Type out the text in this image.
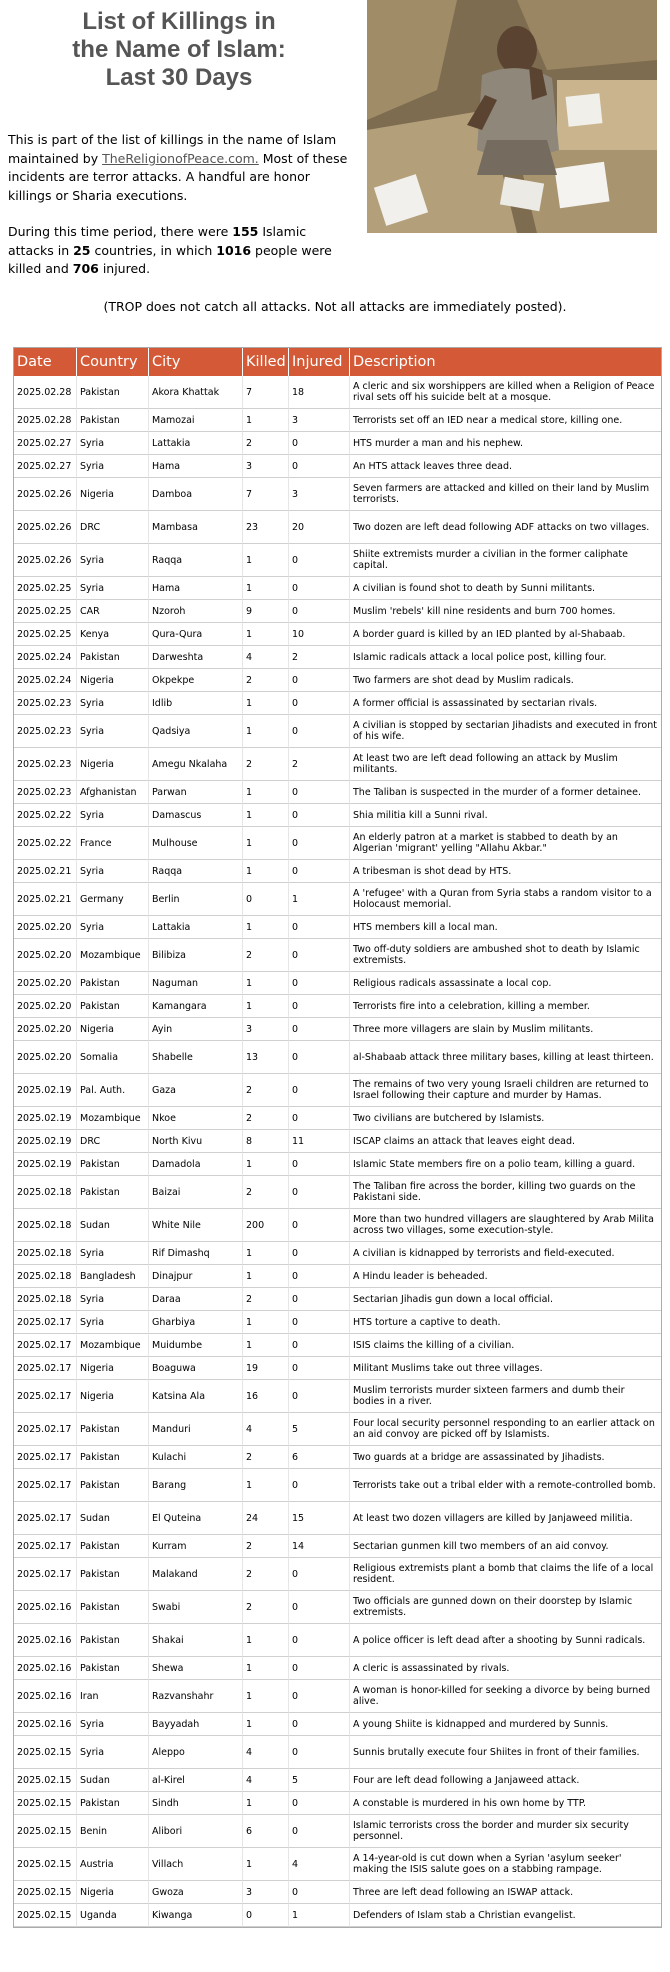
List of Killings in
the Name of Islam:
Last 30 Days
This is part of the list of killings in the name of Islam maintained by TheReligionofPeace.com. Most of these incidents are terror attacks. A handful are honor killings or Sharia executions.
During this time period, there were 155 Islamic attacks in 25 countries, in which 1016 people were killed and 706 injured.
(TROP does not catch all attacks. Not all attacks are immediately posted).
Date	Country	City	Killed	Injured	Description
2025.02.28	Pakistan	Akora Khattak	7	18	A cleric and six worshippers are killed when a Religion of Peace rival sets off his suicide belt at a mosque.
2025.02.28	Pakistan	Mamozai	1	3	Terrorists set off an IED near a medical store, killing one.
2025.02.27	Syria	Lattakia	2	0	HTS murder a man and his nephew.
2025.02.27	Syria	Hama	3	0	An HTS attack leaves three dead.
2025.02.26	Nigeria	Damboa	7	3	Seven farmers are attacked and killed on their land by Muslim terrorists.
2025.02.26	DRC	Mambasa	23	20	Two dozen are left dead following ADF attacks on two villages.
2025.02.26	Syria	Raqqa	1	0	Shiite extremists murder a civilian in the former caliphate capital.
2025.02.25	Syria	Hama	1	0	A civilian is found shot to death by Sunni militants.
2025.02.25	CAR	Nzoroh	9	0	Muslim 'rebels' kill nine residents and burn 700 homes.
2025.02.25	Kenya	Qura-Qura	1	10	A border guard is killed by an IED planted by al-Shabaab.
2025.02.24	Pakistan	Darweshta	4	2	Islamic radicals attack a local police post, killing four.
2025.02.24	Nigeria	Okpekpe	2	0	Two farmers are shot dead by Muslim radicals.
2025.02.23	Syria	Idlib	1	0	A former official is assassinated by sectarian rivals.
2025.02.23	Syria	Qadsiya	1	0	A civilian is stopped by sectarian Jihadists and executed in front of his wife.
2025.02.23	Nigeria	Amegu Nkalaha	2	2	At least two are left dead following an attack by Muslim militants.
2025.02.23	Afghanistan	Parwan	1	0	The Taliban is suspected in the murder of a former detainee.
2025.02.22	Syria	Damascus	1	0	Shia militia kill a Sunni rival.
2025.02.22	France	Mulhouse	1	0	An elderly patron at a market is stabbed to death by an Algerian 'migrant' yelling "Allahu Akbar."
2025.02.21	Syria	Raqqa	1	0	A tribesman is shot dead by HTS.
2025.02.21	Germany	Berlin	0	1	A 'refugee' with a Quran from Syria stabs a random visitor to a Holocaust memorial.
2025.02.20	Syria	Lattakia	1	0	HTS members kill a local man.
2025.02.20	Mozambique	Bilibiza	2	0	Two off-duty soldiers are ambushed shot to death by Islamic extremists.
2025.02.20	Pakistan	Naguman	1	0	Religious radicals assassinate a local cop.
2025.02.20	Pakistan	Kamangara	1	0	Terrorists fire into a celebration, killing a member.
2025.02.20	Nigeria	Ayin	3	0	Three more villagers are slain by Muslim militants.
2025.02.20	Somalia	Shabelle	13	0	al-Shabaab attack three military bases, killing at least thirteen.
2025.02.19	Pal. Auth.	Gaza	2	0	The remains of two very young Israeli children are returned to Israel following their capture and murder by Hamas.
2025.02.19	Mozambique	Nkoe	2	0	Two civilians are butchered by Islamists.
2025.02.19	DRC	North Kivu	8	11	ISCAP claims an attack that leaves eight dead.
2025.02.19	Pakistan	Damadola	1	0	Islamic State members fire on a polio team, killing a guard.
2025.02.18	Pakistan	Baizai	2	0	The Taliban fire across the border, killing two guards on the Pakistani side.
2025.02.18	Sudan	White Nile	200	0	More than two hundred villagers are slaughtered by Arab Milita across two villages, some execution-style.
2025.02.18	Syria	Rif Dimashq	1	0	A civilian is kidnapped by terrorists and field-executed.
2025.02.18	Bangladesh	Dinajpur	1	0	A Hindu leader is beheaded.
2025.02.18	Syria	Daraa	2	0	Sectarian Jihadis gun down a local official.
2025.02.17	Syria	Gharbiya	1	0	HTS torture a captive to death.
2025.02.17	Mozambique	Muidumbe	1	0	ISIS claims the killing of a civilian.
2025.02.17	Nigeria	Boaguwa	19	0	Militant Muslims take out three villages.
2025.02.17	Nigeria	Katsina Ala	16	0	Muslim terrorists murder sixteen farmers and dumb their bodies in a river.
2025.02.17	Pakistan	Manduri	4	5	Four local security personnel responding to an earlier attack on an aid convoy are picked off by Islamists.
2025.02.17	Pakistan	Kulachi	2	6	Two guards at a bridge are assassinated by Jihadists.
2025.02.17	Pakistan	Barang	1	0	Terrorists take out a tribal elder with a remote-controlled bomb.
2025.02.17	Sudan	El Quteina	24	15	At least two dozen villagers are killed by Janjaweed militia.
2025.02.17	Pakistan	Kurram	2	14	Sectarian gunmen kill two members of an aid convoy.
2025.02.17	Pakistan	Malakand	2	0	Religious extremists plant a bomb that claims the life of a local resident.
2025.02.16	Pakistan	Swabi	2	0	Two officials are gunned down on their doorstep by Islamic extremists.
2025.02.16	Pakistan	Shakai	1	0	A police officer is left dead after a shooting by Sunni radicals.
2025.02.16	Pakistan	Shewa	1	0	A cleric is assassinated by rivals.
2025.02.16	Iran	Razvanshahr	1	0	A woman is honor-killed for seeking a divorce by being burned alive.
2025.02.16	Syria	Bayyadah	1	0	A young Shiite is kidnapped and murdered by Sunnis.
2025.02.15	Syria	Aleppo	4	0	Sunnis brutally execute four Shiites in front of their families.
2025.02.15	Sudan	al-Kirel	4	5	Four are left dead following a Janjaweed attack.
2025.02.15	Pakistan	Sindh	1	0	A constable is murdered in his own home by TTP.
2025.02.15	Benin	Alibori	6	0	Islamic terrorists cross the border and murder six security personnel.
2025.02.15	Austria	Villach	1	4	A 14-year-old is cut down when a Syrian 'asylum seeker' making the ISIS salute goes on a stabbing rampage.
2025.02.15	Nigeria	Gwoza	3	0	Three are left dead following an ISWAP attack.
2025.02.15	Uganda	Kiwanga	0	1	Defenders of Islam stab a Christian evangelist.
